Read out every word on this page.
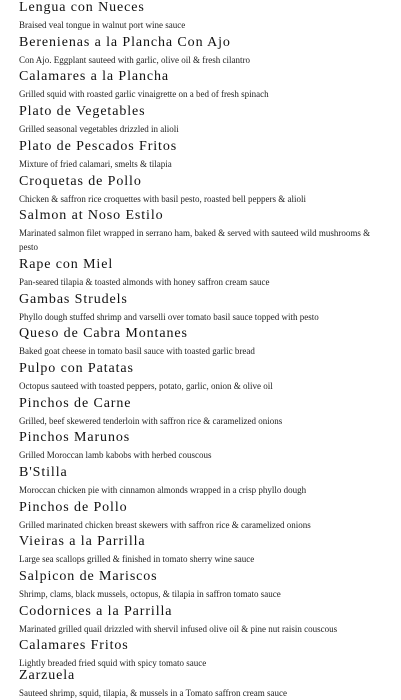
Lengua con Nueces
Braised veal tongue in walnut port wine sauce
Berenienas a la Plancha Con Ajo
Con Ajo. Eggplant sauteed with garlic, olive oil & fresh cilantro
Calamares a la Plancha
Grilled squid with roasted garlic vinaigrette on a bed of fresh spinach
Plato de Vegetables
Grilled seasonal vegetables drizzled in alioli
Plato de Pescados Fritos
Mixture of fried calamari, smelts & tilapia
Croquetas de Pollo
Chicken & saffron rice croquettes with basil pesto, roasted bell peppers & alioli
Salmon at Noso Estilo
Marinated salmon filet wrapped in serrano ham, baked & served with sauteed wild mushrooms & pesto
Rape con Miel
Pan-seared tilapia & toasted almonds with honey saffron cream sauce
Gambas Strudels
Phyllo dough stuffed shrimp and varselli over tomato basil sauce topped with pesto
Queso de Cabra Montanes
Baked goat cheese in tomato basil sauce with toasted garlic bread
Pulpo con Patatas
Octopus sauteed with toasted peppers, potato, garlic, onion & olive oil
Pinchos de Carne
Grilled, beef skewered tenderloin with saffron rice & caramelized onions
Pinchos Marunos
Grilled Moroccan lamb kabobs with herbed couscous
B'Stilla
Moroccan chicken pie with cinnamon almonds wrapped in a crisp phyllo dough
Pinchos de Pollo
Grilled marinated chicken breast skewers with saffron rice & caramelized onions
Vieiras a la Parrilla
Large sea scallops grilled & finished in tomato sherry wine sauce
Salpicon de Mariscos
Shrimp, clams, black mussels, octopus, & tilapia in saffron tomato sauce
Codornices a la Parrilla
Marinated grilled quail drizzled with shervil infused olive oil & pine nut raisin couscous
Calamares Fritos
Lightly breaded fried squid with spicy tomato sauce
Zarzuela
Sauteed shrimp, squid, tilapia, & mussels in a Tomato saffron cream sauce
